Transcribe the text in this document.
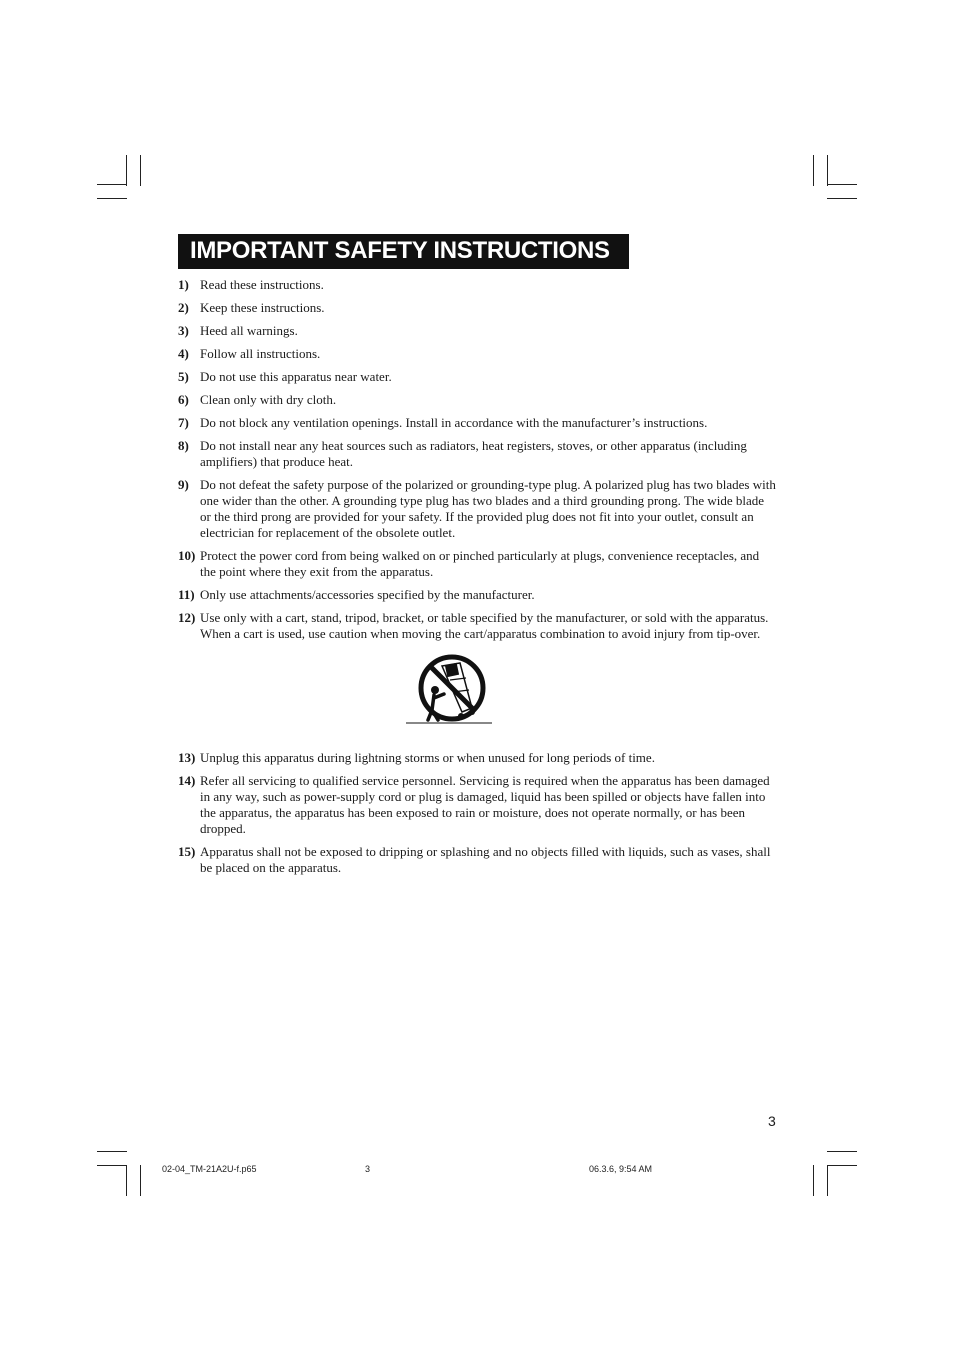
IMPORTANT SAFETY INSTRUCTIONS
1) Read these instructions.
2) Keep these instructions.
3) Heed all warnings.
4) Follow all instructions.
5) Do not use this apparatus near water.
6) Clean only with dry cloth.
7) Do not block any ventilation openings. Install in accordance with the manufacturer’s instructions.
8) Do not install near any heat sources such as radiators, heat registers, stoves, or other apparatus (including amplifiers) that produce heat.
9) Do not defeat the safety purpose of the polarized or grounding-type plug. A polarized plug has two blades with one wider than the other. A grounding type plug has two blades and a third grounding prong. The wide blade or the third prong are provided for your safety. If the provided plug does not fit into your outlet, consult an electrician for replacement of the obsolete outlet.
10) Protect the power cord from being walked on or pinched particularly at plugs, convenience receptacles, and the point where they exit from the apparatus.
11) Only use attachments/accessories specified by the manufacturer.
12) Use only with a cart, stand, tripod, bracket, or table specified by the manufacturer, or sold with the apparatus. When a cart is used, use caution when moving the cart/apparatus combination to avoid injury from tip-over.
13) Unplug this apparatus during lightning storms or when unused for long periods of time.
14) Refer all servicing to qualified service personnel. Servicing is required when the apparatus has been damaged in any way, such as power-supply cord or plug is damaged, liquid has been spilled or objects have fallen into the apparatus, the apparatus has been exposed to rain or moisture, does not operate normally, or has been dropped.
15) Apparatus shall not be exposed to dripping or splashing and no objects filled with liquids, such as vases, shall be placed on the apparatus.
3
02-04_TM-21A2U-f.p65	3	06.3.6, 9:54 AM
